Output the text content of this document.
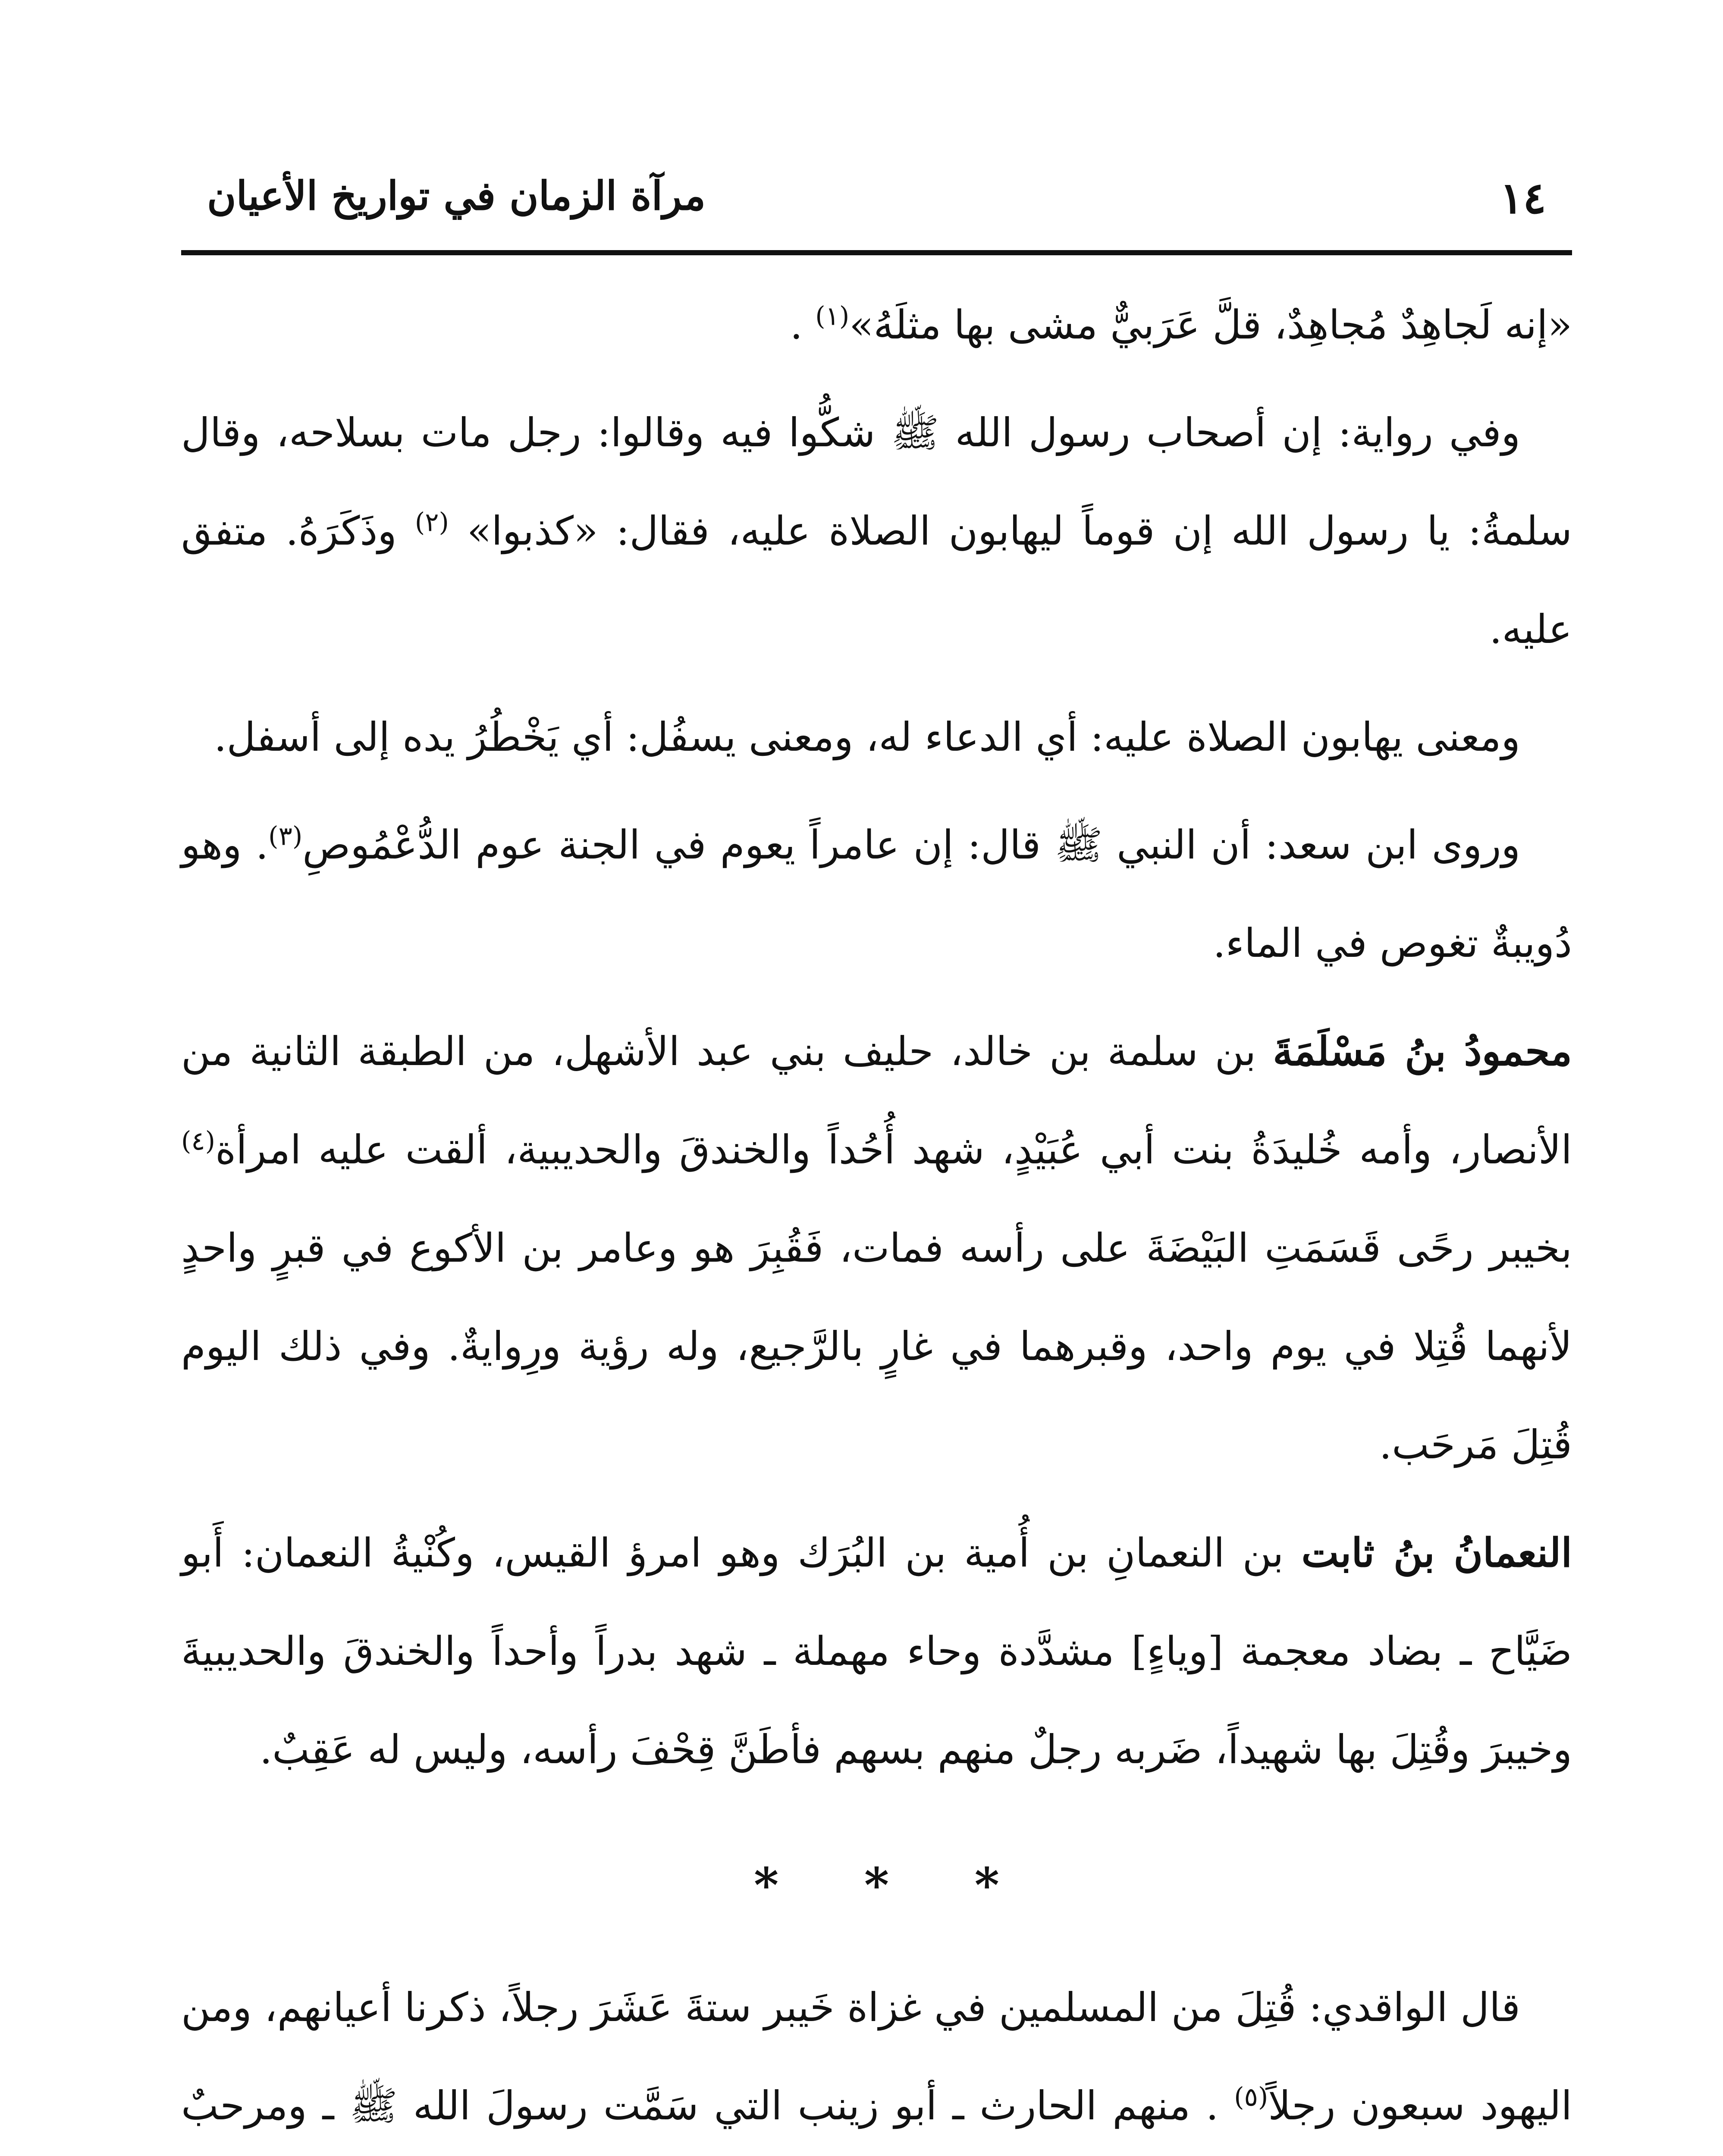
١٤
مرآة الزمان في تواريخ الأعيان

«إنه لَجاهِدٌ مُجاهِدٌ، قلَّ عَرَبيٌّ مشى بها مثلَهُ»$^{(١)}$ .

وفي رواية: إن أصحاب رسول الله ﷺ شكُّوا فيه وقالوا: رجل مات بسلاحه، وقال سلمةُ: يا رسول الله إن قوماً ليهابون الصلاة عليه، فقال: «كذبوا» $^{(٢)}$ وذَكَرَهُ. متفق عليه.

ومعنى يهابون الصلاة عليه: أي الدعاء له، ومعنى يسفُل: أي يَخْطُرُ يده إلى أسفل.

وروى ابن سعد: أن النبي ﷺ قال: إن عامراً يعوم في الجنة عوم الدُّعْمُوصِ$^{(٣)}$. وهو دُويبةٌ تغوص في الماء.

محمودُ بنُ مَسْلَمَةَ بن سلمة بن خالد، حليف بني عبد الأشهل، من الطبقة الثانية من الأنصار، وأمه خُليدَةُ بنت أبي عُبَيْدٍ، شهد أُحُداً والخندقَ والحديبية، ألقت عليه امرأة$^{(٤)}$ بخيبر رحًى قَسَمَتِ البَيْضَةَ على رأسه فمات، فَقُبِرَ هو وعامر بن الأكوع في قبرٍ واحدٍ لأنهما قُتِلا في يوم واحد، وقبرهما في غارٍ بالرَّجيع، وله رؤية ورِوايةٌ. وفي ذلك اليوم قُتِلَ مَرحَب.

النعمانُ بنُ ثابت بن النعمانِ بن أُمية بن البُرَك وهو امرؤ القيس، وكُنْيةُ النعمان: أَبو ضَيَّاح ـ بضاد معجمة [وياءٍ] مشدَّدة وحاء مهملة ـ شهد بدراً وأحداً والخندقَ والحديبيةَ وخيبرَ وقُتِلَ بها شهيداً، ضَربه رجلٌ منهم بسهم فأطَنَّ قِحْفَ رأسه، وليس له عَقِبٌ.

* * *

قال الواقدي: قُتِلَ من المسلمين في غزاة خَيبر ستةَ عَشَرَ رجلاً، ذكرنا أعيانهم، ومن اليهود سبعون رجلاً$^{(٥)}$ . منهم الحارث ـ أبو زينب التي سَمَّت رسولَ الله ﷺ ـ ومرحبٌ
